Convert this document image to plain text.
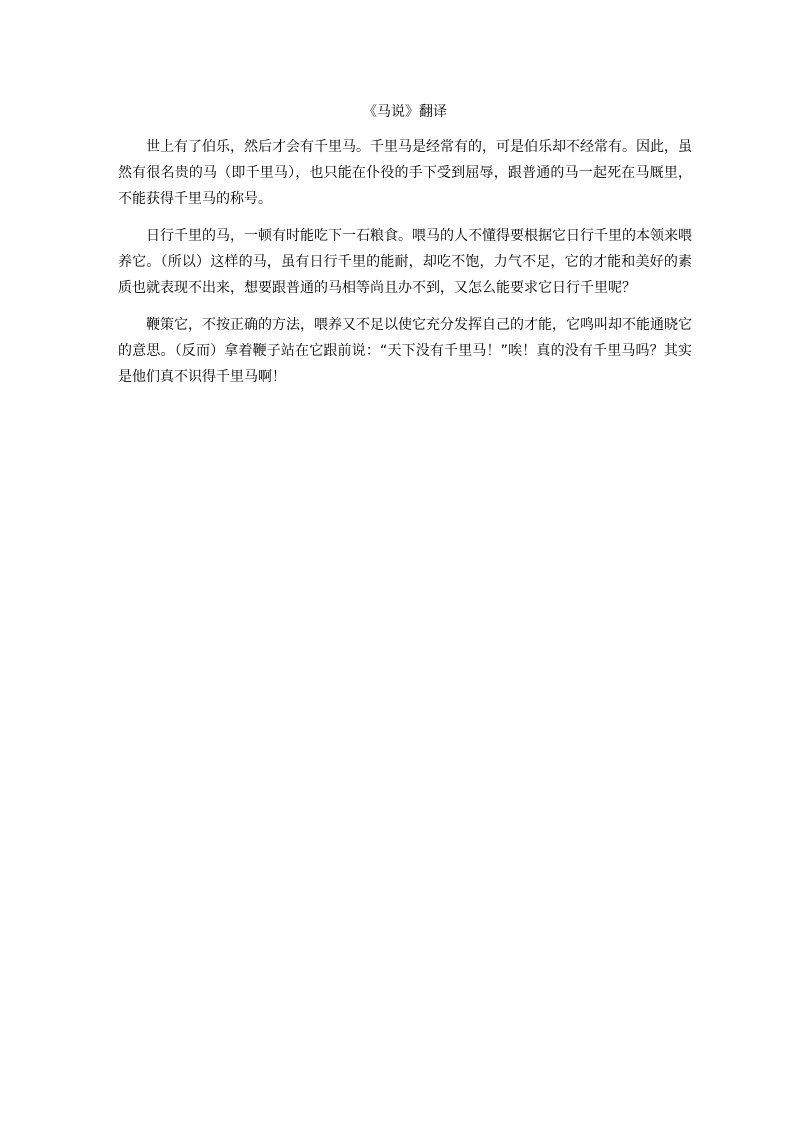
《马说》翻译

世上有了伯乐，然后才会有千里马。千里马是经常有的，可是伯乐却不经常有。因此，虽然有很名贵的马（即千里马），也只能在仆役的手下受到屈辱，跟普通的马一起死在马厩里，不能获得千里马的称号。

日行千里的马，一顿有时能吃下一石粮食。喂马的人不懂得要根据它日行千里的本领来喂养它。（所以）这样的马，虽有日行千里的能耐，却吃不饱，力气不足，它的才能和美好的素质也就表现不出来，想要跟普通的马相等尚且办不到，又怎么能要求它日行千里呢？

鞭策它，不按正确的方法，喂养又不足以使它充分发挥自己的才能，它鸣叫却不能通晓它的意思。（反而）拿着鞭子站在它跟前说：“天下没有千里马！”唉！真的没有千里马吗？其实是他们真不识得千里马啊！
